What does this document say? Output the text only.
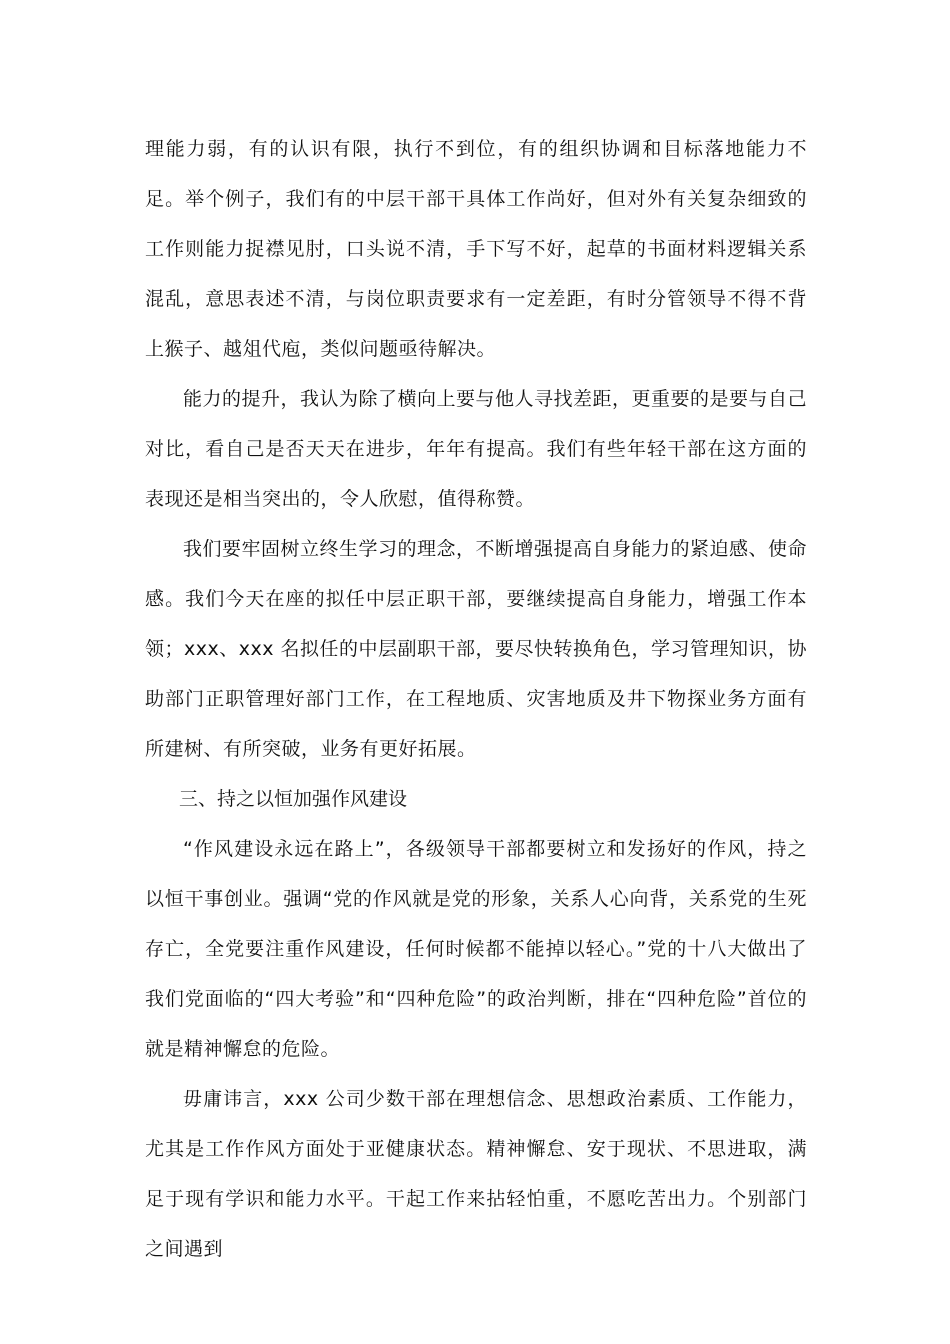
理能力弱，有的认识有限，执行不到位，有的组织协调和目标落地能力不足。举个例子，我们有的中层干部干具体工作尚好，但对外有关复杂细致的工作则能力捉襟见肘，口头说不清，手下写不好，起草的书面材料逻辑关系混乱，意思表述不清，与岗位职责要求有一定差距，有时分管领导不得不背上猴子、越俎代庖，类似问题亟待解决。

能力的提升，我认为除了横向上要与他人寻找差距，更重要的是要与自己对比，看自己是否天天在进步，年年有提高。我们有些年轻干部在这方面的表现还是相当突出的，令人欣慰，值得称赞。

我们要牢固树立终生学习的理念，不断增强提高自身能力的紧迫感、使命感。我们今天在座的拟任中层正职干部，要继续提高自身能力，增强工作本领；xxx、xxx 名拟任的中层副职干部，要尽快转换角色，学习管理知识，协助部门正职管理好部门工作，在工程地质、灾害地质及井下物探业务方面有所建树、有所突破，业务有更好拓展。

三、持之以恒加强作风建设

“作风建设永远在路上”，各级领导干部都要树立和发扬好的作风，持之以恒干事创业。强调“党的作风就是党的形象，关系人心向背，关系党的生死存亡，全党要注重作风建设，任何时候都不能掉以轻心。”党的十八大做出了我们党面临的“四大考验”和“四种危险”的政治判断，排在“四种危险”首位的就是精神懈怠的危险。

毋庸讳言，xxx 公司少数干部在理想信念、思想政治素质、工作能力，尤其是工作作风方面处于亚健康状态。精神懈怠、安于现状、不思进取，满足于现有学识和能力水平。干起工作来拈轻怕重，不愿吃苦出力。个别部门之间遇到
